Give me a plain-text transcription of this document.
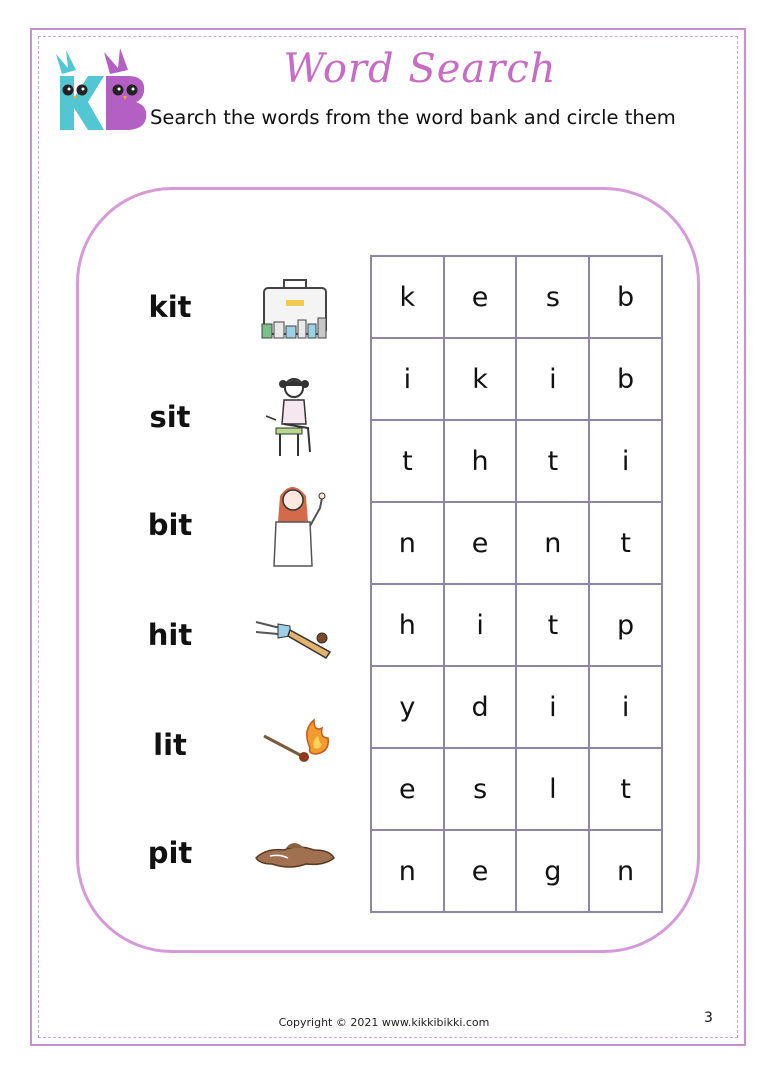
Word Search
Search the words from the word bank and circle them
kit
sit
bit
hit
lit
pit
k	e	s	b
i	k	i	b
t	h	t	i
n	e	n	t
h	i	t	p
y	d	i	i
e	s	l	t
n	e	g	n
Copyright © 2021 www.kikkibikki.com	3
